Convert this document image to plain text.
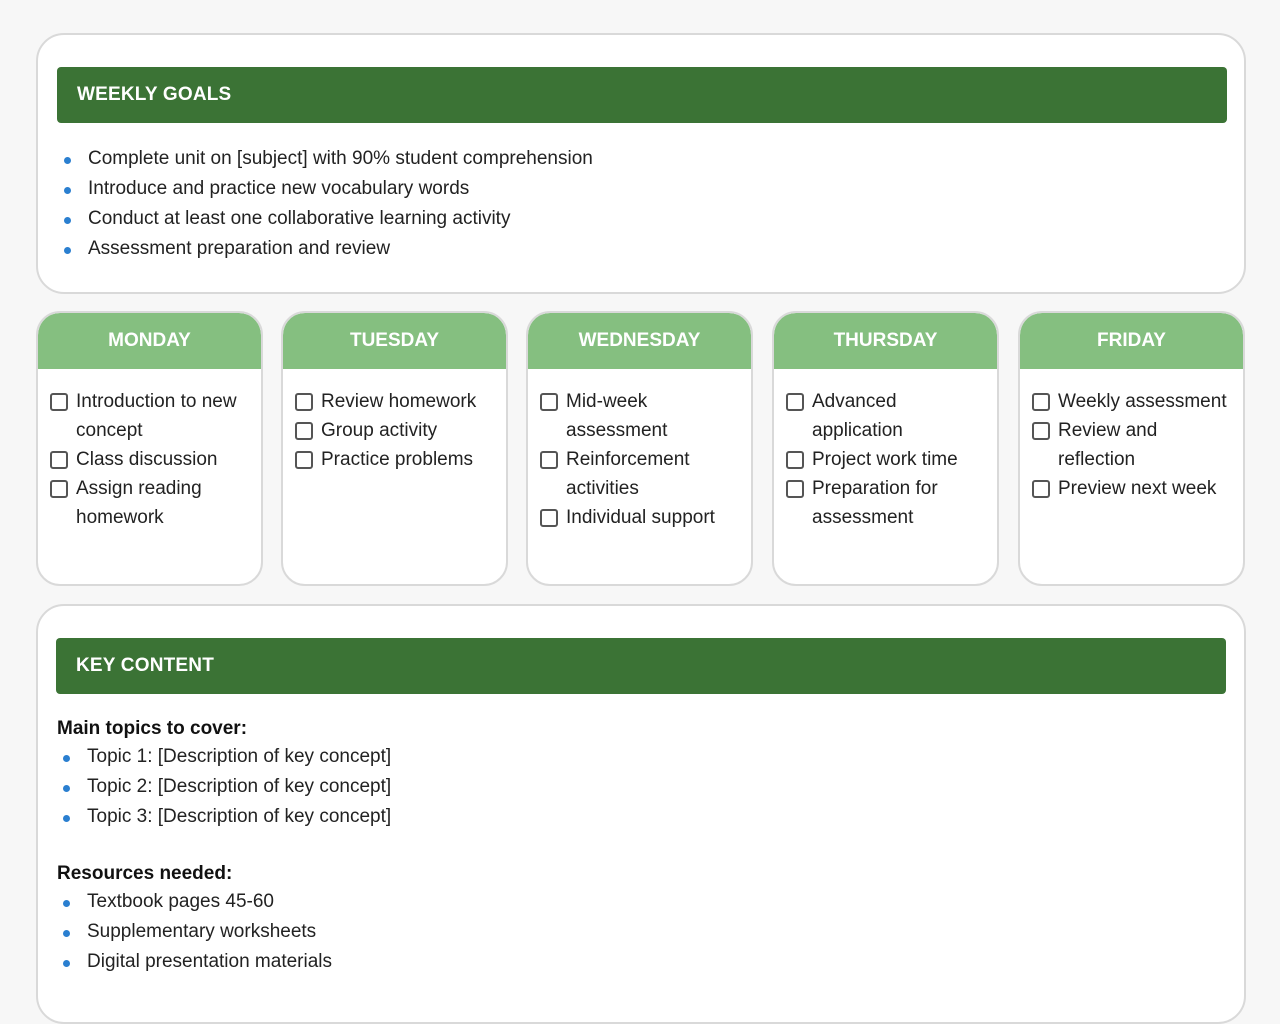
WEEKLY GOALS
Complete unit on [subject] with 90% student comprehension
Introduce and practice new vocabulary words
Conduct at least one collaborative learning activity
Assessment preparation and review
MONDAY
Introduction to new concept
Class discussion
Assign reading homework
TUESDAY
Review homework
Group activity
Practice problems
WEDNESDAY
Mid-week assessment
Reinforcement activities
Individual support
THURSDAY
Advanced application
Project work time
Preparation for assessment
FRIDAY
Weekly assessment
Review and reflection
Preview next week
KEY CONTENT
Main topics to cover:
Topic 1: [Description of key concept]
Topic 2: [Description of key concept]
Topic 3: [Description of key concept]
Resources needed:
Textbook pages 45-60
Supplementary worksheets
Digital presentation materials
